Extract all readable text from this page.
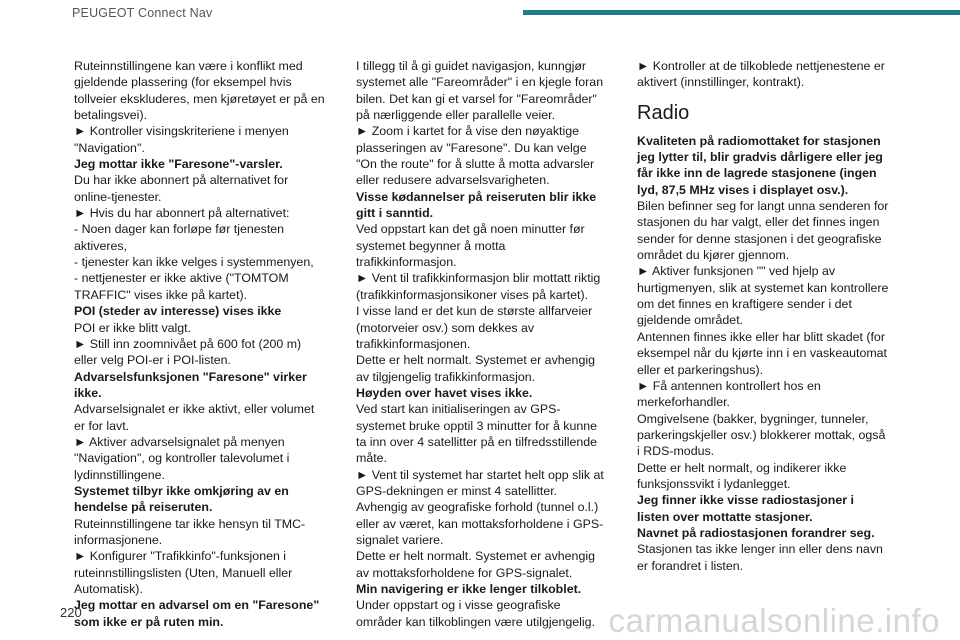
PEUGEOT Connect Nav

Ruteinnstillingene kan være i konflikt med gjeldende plassering (for eksempel hvis tollveier ekskluderes, men kjøretøyet er på en betalingsvei).

► Kontroller visingskriteriene i menyen "Navigation".

Jeg mottar ikke "Faresone"-varsler.

Du har ikke abonnert på alternativet for online-tjenester.

► Hvis du har abonnert på alternativet:

- Noen dager kan forløpe før tjenesten aktiveres,

- tjenester kan ikke velges i systemmenyen,

- nettjenester er ikke aktive ("TOMTOM TRAFFIC" vises ikke på kartet).

POI (steder av interesse) vises ikke

POI er ikke blitt valgt.

► Still inn zoomnivået på 600 fot (200 m) eller velg POI-er i POI-listen.

Advarselsfunksjonen "Faresone" virker ikke.

Advarselsignalet er ikke aktivt, eller volumet er for lavt.

► Aktiver advarselsignalet på menyen "Navigation", og kontroller talevolumet i lydinnstillingene.

Systemet tilbyr ikke omkjøring av en hendelse på reiseruten.

Ruteinnstillingene tar ikke hensyn til TMC-informasjonene.

► Konfigurer "Trafikkinfo"-funksjonen i ruteinnstillingslisten (Uten, Manuell eller Automatisk).

Jeg mottar en advarsel om en "Faresone" som ikke er på ruten min.

I tillegg til å gi guidet navigasjon, kunngjør systemet alle "Fareområder" i en kjegle foran bilen. Det kan gi et varsel for "Fareområder" på nærliggende eller parallelle veier.

► Zoom i kartet for å vise den nøyaktige plasseringen av "Faresone". Du kan velge "On the route" for å slutte å motta advarsler eller redusere advarselsvarigheten.

Visse kødannelser på reiseruten blir ikke gitt i sanntid.

Ved oppstart kan det gå noen minutter før systemet begynner å motta trafikkinformasjon.

► Vent til trafikkinformasjon blir mottatt riktig (trafikkinformasjonsikoner vises på kartet).

I visse land er det kun de største allfarveier (motorveier osv.) som dekkes av trafikkinformasjonen.

Dette er helt normalt. Systemet er avhengig av tilgjengelig trafikkinformasjon.

Høyden over havet vises ikke.

Ved start kan initialiseringen av GPS-systemet bruke opptil 3 minutter for å kunne ta inn over 4 satellitter på en tilfredsstillende måte.

► Vent til systemet har startet helt opp slik at GPS-dekningen er minst 4 satellitter.

Avhengig av geografiske forhold (tunnel o.l.) eller av været, kan mottaksforholdene i GPS-signalet variere.

Dette er helt normalt. Systemet er avhengig av mottaksforholdene for GPS-signalet.

Min navigering er ikke lenger tilkoblet.

Under oppstart og i visse geografiske områder kan tilkoblingen være utilgjengelig.

► Kontroller at de tilkoblede nettjenestene er aktivert (innstillinger, kontrakt).

Radio

Kvaliteten på radiomottaket for stasjonen jeg lytter til, blir gradvis dårligere eller jeg får ikke inn de lagrede stasjonene (ingen lyd, 87,5 MHz vises i displayet osv.).

Bilen befinner seg for langt unna senderen for stasjonen du har valgt, eller det finnes ingen sender for denne stasjonen i det geografiske området du kjører gjennom.

► Aktiver funksjonen "" ved hjelp av hurtigmenyen, slik at systemet kan kontrollere om det finnes en kraftigere sender i det gjeldende området.

Antennen finnes ikke eller har blitt skadet (for eksempel når du kjørte inn i en vaskeautomat eller et parkeringshus).

► Få antennen kontrollert hos en merkeforhandler.

Omgivelsene (bakker, bygninger, tunneler, parkeringskjeller osv.) blokkerer mottak, også i RDS-modus.

Dette er helt normalt, og indikerer ikke funksjonssvikt i lydanlegget.

Jeg finner ikke visse radiostasjoner i listen over mottatte stasjoner.

Navnet på radiostasjonen forandrer seg.

Stasjonen tas ikke lenger inn eller dens navn er forandret i listen.

220	carmanualsonline.info
